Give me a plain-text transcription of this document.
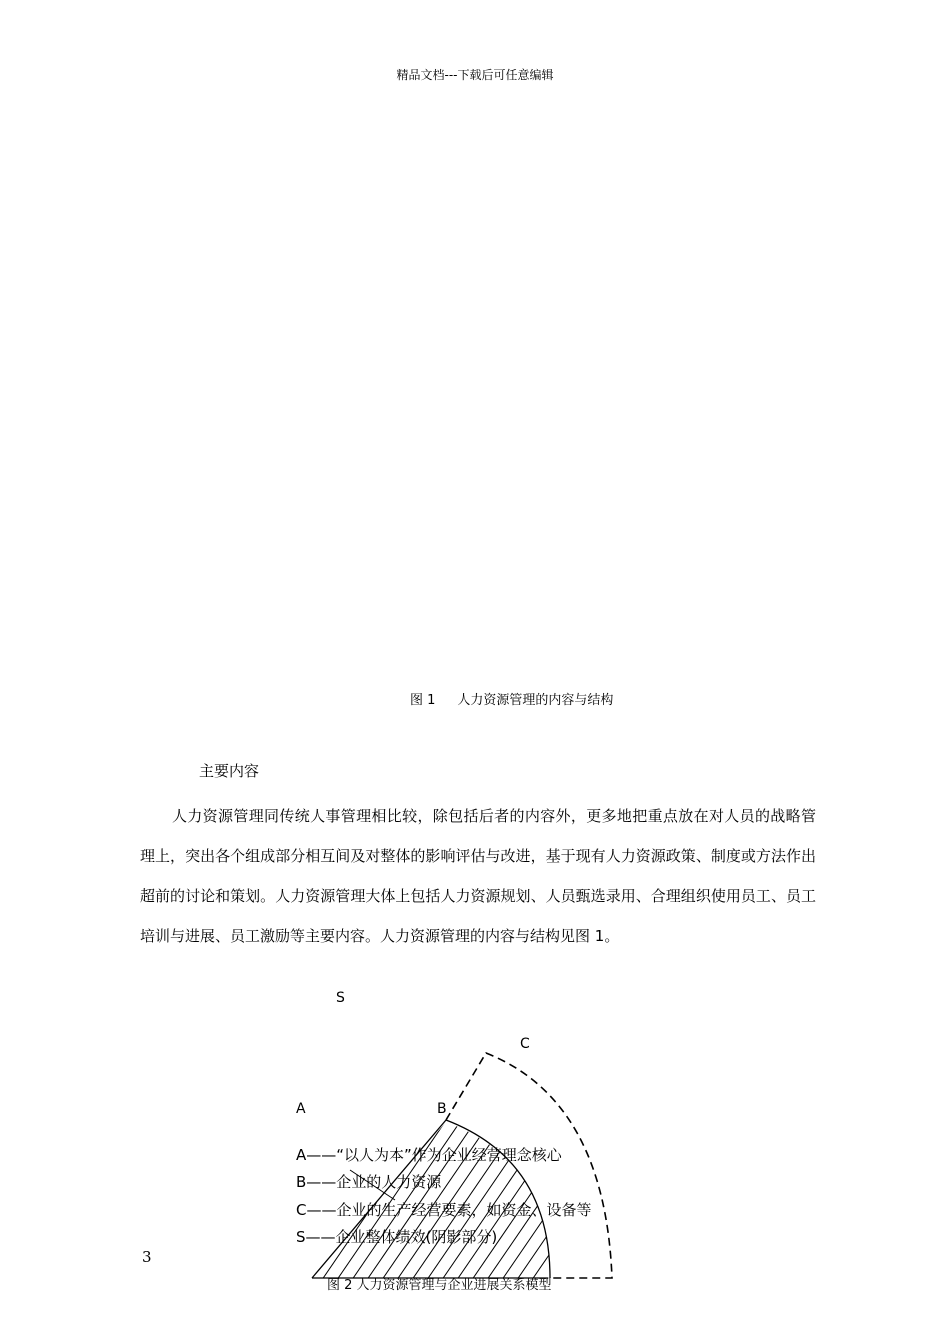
精品文档---下载后可任意编辑
图 1 人力资源管理的内容与结构
主要内容
人力资源管理同传统人事管理相比较，除包括后者的内容外，更多地把重点放在对人员的战略管理上，突出各个组成部分相互间及对整体的影响评估与改进，基于现有人力资源政策、制度或方法作出超前的讨论和策划。人力资源管理大体上包括人力资源规划、人员甄选录用、合理组织使用员工、员工培训与进展、员工激励等主要内容。人力资源管理的内容与结构见图 1。
S
C
A	B
A——“以人为本”作为企业经营理念核心
B——企业的人力资源
C——企业的生产经营要素，如资金、设备等
S——企业整体绩效(阴影部分)
图 2 人力资源管理与企业进展关系模型
3
